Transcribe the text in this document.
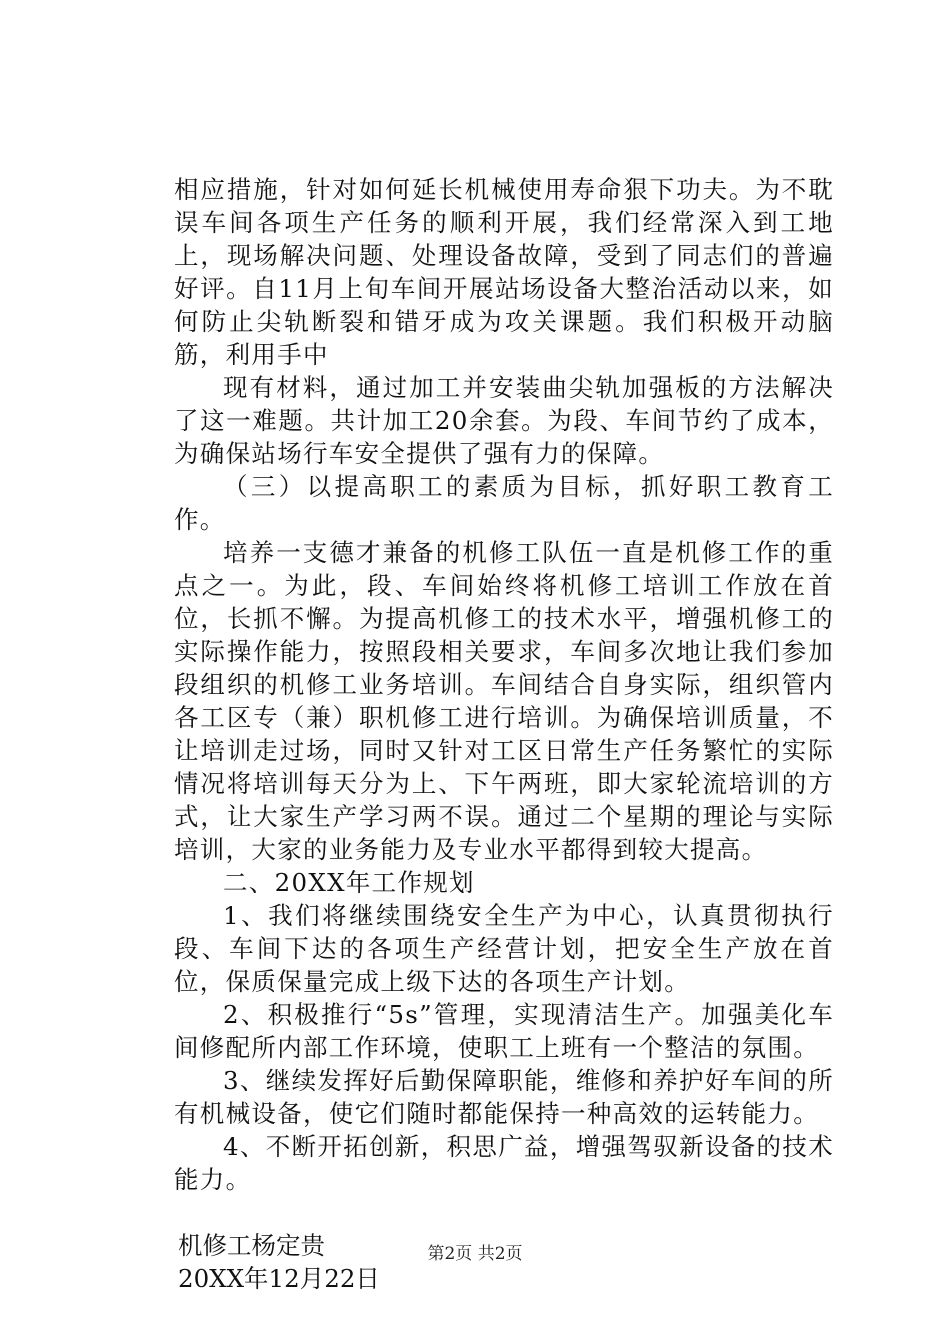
相应措施，针对如何延长机械使用寿命狠下功夫。为不耽误车间各项生产任务的顺利开展，我们经常深入到工地上，现场解决问题、处理设备故障，受到了同志们的普遍好评。自11月上旬车间开展站场设备大整治活动以来，如何防止尖轨断裂和错牙成为攻关课题。我们积极开动脑筋，利用手中

现有材料，通过加工并安装曲尖轨加强板的方法解决了这一难题。共计加工20余套。为段、车间节约了成本，为确保站场行车安全提供了强有力的保障。

（三）以提高职工的素质为目标，抓好职工教育工作。

培养一支德才兼备的机修工队伍一直是机修工作的重点之一。为此，段、车间始终将机修工培训工作放在首位，长抓不懈。为提高机修工的技术水平，增强机修工的实际操作能力，按照段相关要求，车间多次地让我们参加段组织的机修工业务培训。车间结合自身实际，组织管内各工区专（兼）职机修工进行培训。为确保培训质量，不让培训走过场，同时又针对工区日常生产任务繁忙的实际情况将培训每天分为上、下午两班，即大家轮流培训的方式，让大家生产学习两不误。通过二个星期的理论与实际培训，大家的业务能力及专业水平都得到较大提高。

二、20XX年工作规划

1、我们将继续围绕安全生产为中心，认真贯彻执行段、车间下达的各项生产经营计划，把安全生产放在首位，保质保量完成上级下达的各项生产计划。

2、积极推行“5s”管理，实现清洁生产。加强美化车间修配所内部工作环境，使职工上班有一个整洁的氛围。

3、继续发挥好后勤保障职能，维修和养护好车间的所有机械设备，使它们随时都能保持一种高效的运转能力。

4、不断开拓创新，积思广益，增强驾驭新设备的技术能力。

机修工杨定贵

20XX年12月22日

第2页 共2页
